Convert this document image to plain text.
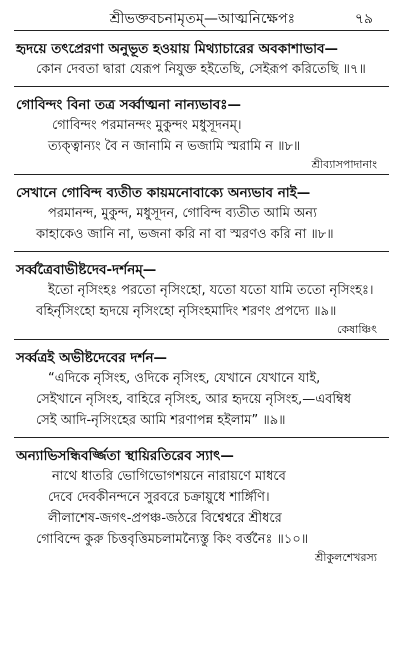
শ্রীভক্তবচনামৃতম্‌—আত্মনিক্ষেপঃ	৭৯
হৃদয়ে তৎপ্রেরণা অনুভূত হওয়ায় মিথ্যাচারের অবকাশাভাব—
কোন দেবতা দ্বারা যেরূপ নিযুক্ত হইতেছি, সেইরূপ করিতেছি ॥৭॥
গোবিন্দং বিনা তত্র সর্ব্বাত্মনা নান্যভাবঃ—
গোবিন্দং পরমানন্দং মুকুন্দং মধুসূদনম্‌।
ত্যক্ত্বান্যং বৈ ন জানামি ন ভজামি স্মরামি ন ॥৮॥
শ্রীব্যাসপাদানাং
সেখানে গোবিন্দ ব্যতীত কায়মনোবাক্যে অন্যভাব নাই—
পরমানন্দ, মুকুন্দ, মধুসূদন, গোবিন্দ ব্যতীত আমি অন্য
কাহাকেও জানি না, ভজনা করি না বা স্মরণও করি না ॥৮॥
সর্ব্বত্রৈবাভীষ্টদেব-দর্শনম্‌—
ইতো নৃসিংহঃ পরতো নৃসিংহো, যতো যতো যামি ততো নৃসিংহঃ।
বহির্নৃসিংহো হৃদয়ে নৃসিংহো নৃসিংহমাদিং শরণং প্রপদ্যে ॥৯॥
কেষাঞ্চিৎ
সর্ব্বত্রই অভীষ্টদেবের দর্শন—
“এদিকে নৃসিংহ, ওদিকে নৃসিংহ, যেখানে যেখানে যাই,
সেইখানে নৃসিংহ, বাহিরে নৃসিংহ, আর হৃদয়ে নৃসিংহ,—এবম্বিধ
সেই আদি-নৃসিংহের আমি শরণাপন্ন হইলাম” ॥৯॥
অন্যাভিসন্ধিবর্জ্জিতা স্থায়িরতিরেব স্যাৎ—
নাথে ধাতরি ভোগিভোগশয়নে নারায়ণে মাধবে
দেবে দেবকীনন্দনে সুরবরে চক্রায়ুধে শার্ঙ্গিণি।
লীলাশেষ-জগৎ-প্রপঞ্চ-জঠরে বিশ্বেশ্বরে শ্রীধরে
গোবিন্দে কুরু চিত্তবৃত্তিমচলামন্যৈস্তু কিং বর্ত্তনৈঃ ॥১০॥
শ্রীকুলশেখরস্য
